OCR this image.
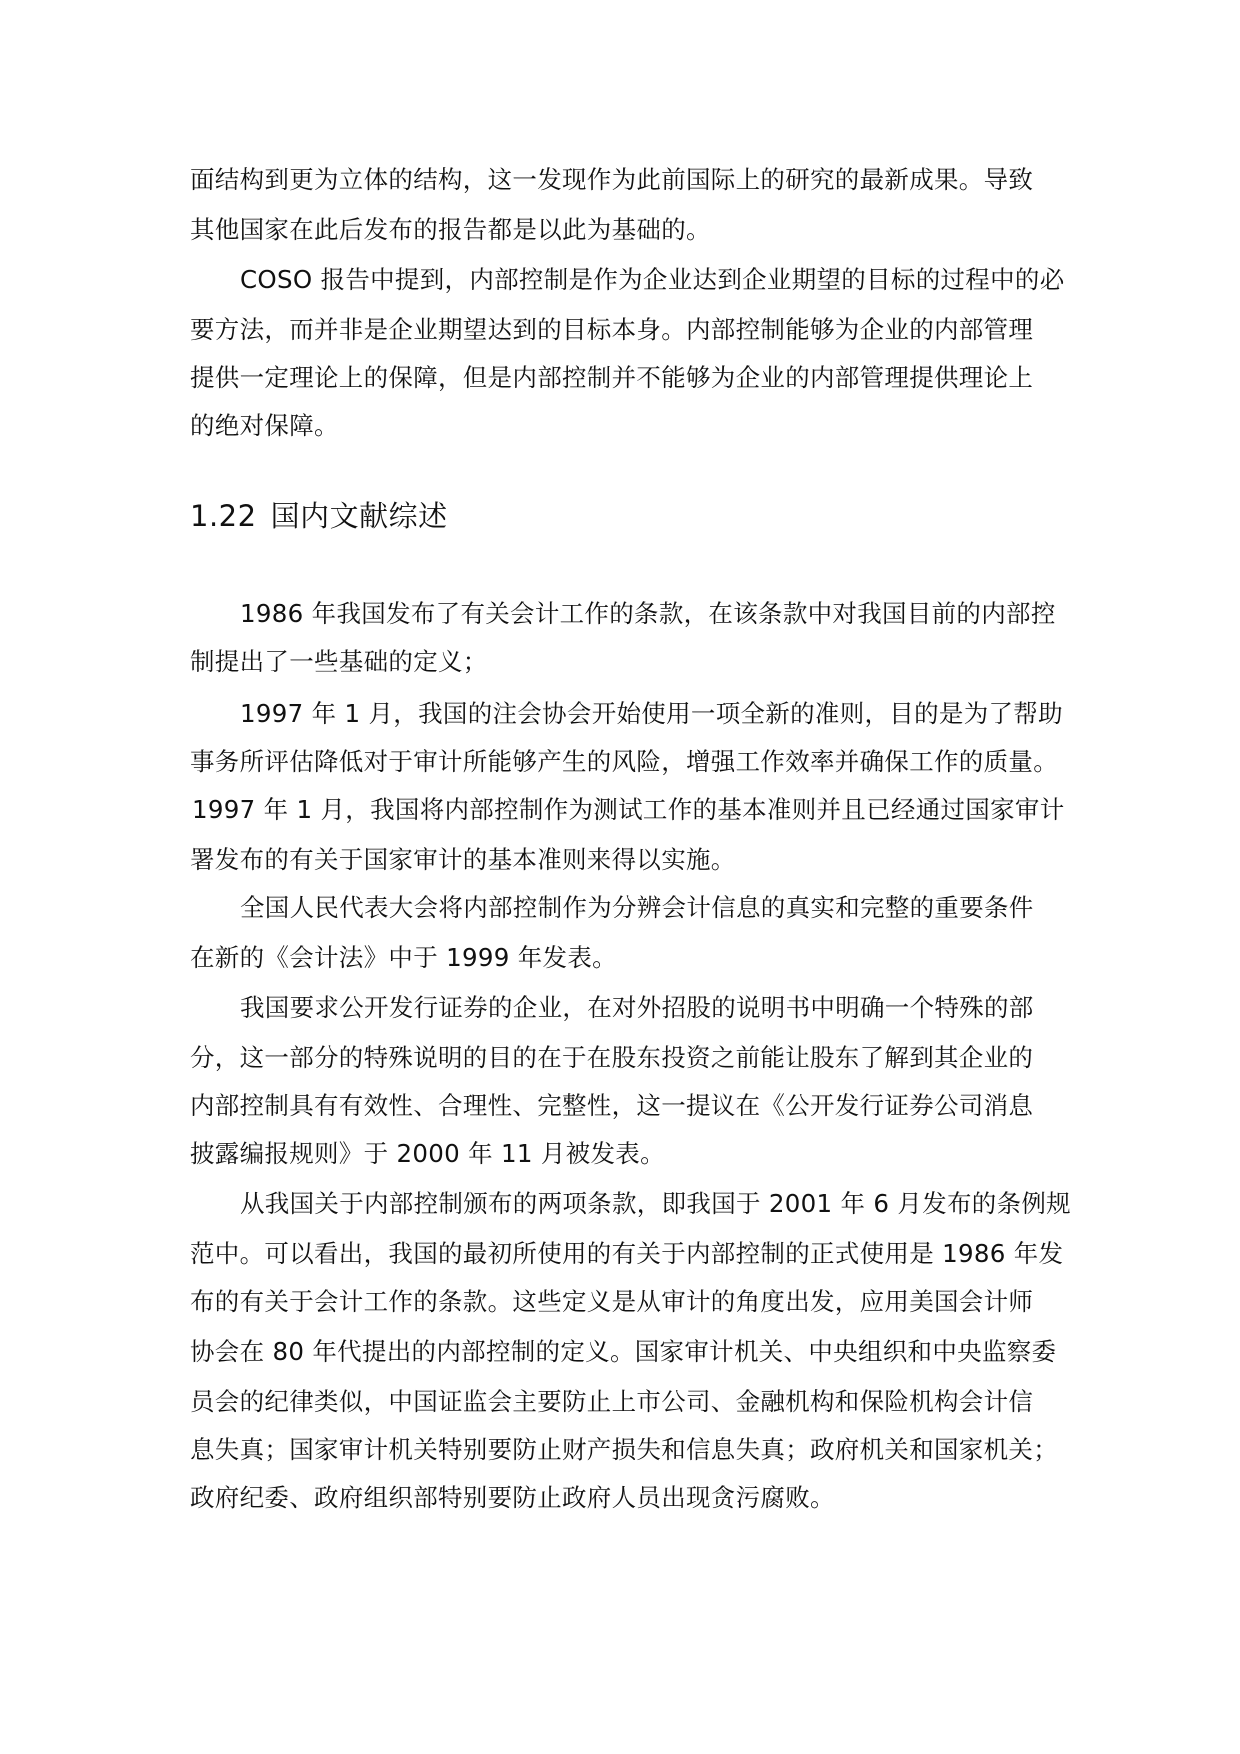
面结构到更为立体的结构，这一发现作为此前国际上的研究的最新成果。导致

其他国家在此后发布的报告都是以此为基础的。

COSO 报告中提到，内部控制是作为企业达到企业期望的目标的过程中的必

要方法，而并非是企业期望达到的目标本身。内部控制能够为企业的内部管理

提供一定理论上的保障，但是内部控制并不能够为企业的内部管理提供理论上

的绝对保障。

1.22 国内文献综述

1986 年我国发布了有关会计工作的条款，在该条款中对我国目前的内部控

制提出了一些基础的定义；

1997 年 1 月，我国的注会协会开始使用一项全新的准则，目的是为了帮助

事务所评估降低对于审计所能够产生的风险，增强工作效率并确保工作的质量。

1997 年 1 月，我国将内部控制作为测试工作的基本准则并且已经通过国家审计

署发布的有关于国家审计的基本准则来得以实施。

全国人民代表大会将内部控制作为分辨会计信息的真实和完整的重要条件

在新的《会计法》中于 1999 年发表。

我国要求公开发行证券的企业，在对外招股的说明书中明确一个特殊的部

分，这一部分的特殊说明的目的在于在股东投资之前能让股东了解到其企业的

内部控制具有有效性、合理性、完整性，这一提议在《公开发行证券公司消息

披露编报规则》于 2000 年 11 月被发表。

从我国关于内部控制颁布的两项条款，即我国于 2001 年 6 月发布的条例规

范中。可以看出，我国的最初所使用的有关于内部控制的正式使用是 1986 年发

布的有关于会计工作的条款。这些定义是从审计的角度出发，应用美国会计师

协会在 80 年代提出的内部控制的定义。国家审计机关、中央组织和中央监察委

员会的纪律类似，中国证监会主要防止上市公司、金融机构和保险机构会计信

息失真；国家审计机关特别要防止财产损失和信息失真；政府机关和国家机关；

政府纪委、政府组织部特别要防止政府人员出现贪污腐败。
